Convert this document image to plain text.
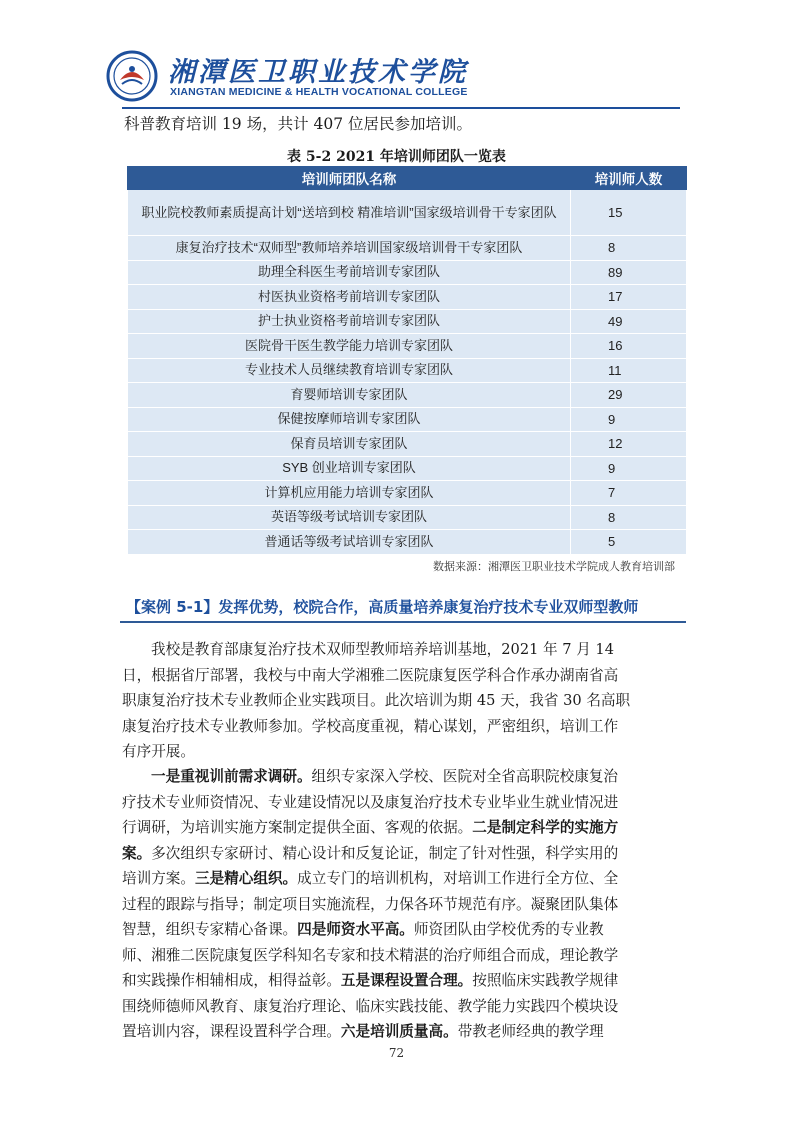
湘潭医卫职业技术学院
XIANGTAN MEDICINE & HEALTH VOCATIONAL COLLEGE
科普教育培训 19 场，共计 407 位居民参加培训。
表 5-2 2021 年培训师团队一览表
培训师团队名称	培训师人数
职业院校教师素质提高计划“送培到校 精准培训”国家级培训骨干专家团队	15
康复治疗技术“双师型”教师培养培训国家级培训骨干专家团队	8
助理全科医生考前培训专家团队	89
村医执业资格考前培训专家团队	17
护士执业资格考前培训专家团队	49
医院骨干医生教学能力培训专家团队	16
专业技术人员继续教育培训专家团队	11
育婴师培训专家团队	29
保健按摩师培训专家团队	9
保育员培训专家团队	12
SYB 创业培训专家团队	9
计算机应用能力培训专家团队	7
英语等级考试培训专家团队	8
普通话等级考试培训专家团队	5
数据来源：湘潭医卫职业技术学院成人教育培训部
【案例 5-1】发挥优势，校院合作，高质量培养康复治疗技术专业双师型教师
我校是教育部康复治疗技术双师型教师培养培训基地，2021 年 7 月 14
日，根据省厅部署，我校与中南大学湘雅二医院康复医学科合作承办湖南省高
职康复治疗技术专业教师企业实践项目。此次培训为期 45 天，我省 30 名高职
康复治疗技术专业教师参加。学校高度重视，精心谋划，严密组织，培训工作
有序开展。
一是重视训前需求调研。组织专家深入学校、医院对全省高职院校康复治
疗技术专业师资情况、专业建设情况以及康复治疗技术专业毕业生就业情况进
行调研，为培训实施方案制定提供全面、客观的依据。二是制定科学的实施方
案。多次组织专家研讨、精心设计和反复论证，制定了针对性强，科学实用的
培训方案。三是精心组织。成立专门的培训机构，对培训工作进行全方位、全
过程的跟踪与指导；制定项目实施流程，力保各环节规范有序。凝聚团队集体
智慧，组织专家精心备课。四是师资水平高。师资团队由学校优秀的专业教
师、湘雅二医院康复医学科知名专家和技术精湛的治疗师组合而成，理论教学
和实践操作相辅相成，相得益彰。五是课程设置合理。按照临床实践教学规律
围绕师德师风教育、康复治疗理论、临床实践技能、教学能力实践四个模块设
置培训内容，课程设置科学合理。六是培训质量高。带教老师经典的教学理
72
